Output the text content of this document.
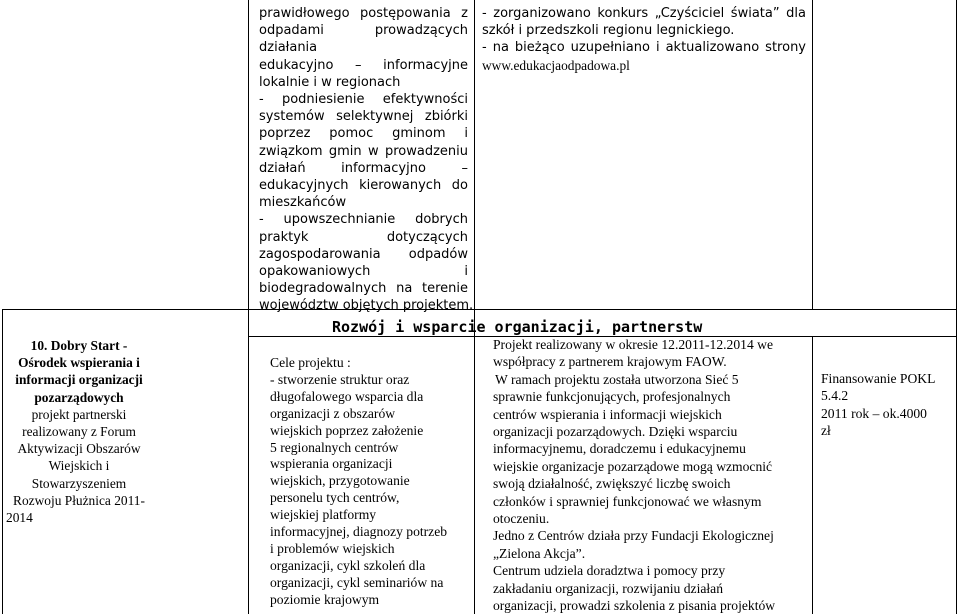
prawidłowego postępowania z
odpadami prowadzących działania
edukacyjno – informacyjne
lokalnie i w regionach
- podniesienie efektywności
systemów selektywnej zbiórki
poprzez pomoc gminom i
związkom gmin w prowadzeniu
działań informacyjno –
edukacyjnych kierowanych do
mieszkańców
- upowszechnianie dobrych
praktyk dotyczących
zagospodarowania odpadów
opakowaniowych i
biodegradowalnych na terenie
województw objętych projektem.
- zorganizowano konkurs „Czyściciel świata” dla
szkół i przedszkoli regionu legnickiego.
- na bieżąco uzupełniano i aktualizowano strony
www.edukacjaodpadowa.pl
Rozwój i wsparcie organizacji, partnerstw
10. Dobry Start -
Ośrodek wspierania i
informacji organizacji
pozarządowych
projekt partnerski
realizowany z Forum
Aktywizacji Obszarów
Wiejskich i
Stowarzyszeniem
Rozwoju Płużnica 2011-
2014
Cele projektu :
- stworzenie struktur oraz
długofalowego wsparcia dla
organizacji z obszarów
wiejskich poprzez założenie
5 regionalnych centrów
wspierania organizacji
wiejskich, przygotowanie
personelu tych centrów,
wiejskiej platformy
informacyjnej, diagnozy potrzeb
i problemów wiejskich
organizacji, cykl szkoleń dla
organizacji, cykl seminariów na
poziomie krajowym
Projekt realizowany w okresie 12.2011-12.2014 we
współpracy z partnerem krajowym FAOW.
W ramach projektu została utworzona Sieć 5
sprawnie funkcjonujących, profesjonalnych
centrów wspierania i informacji wiejskich
organizacji pozarządowych. Dzięki wsparciu
informacyjnemu, doradczemu i edukacyjnemu
wiejskie organizacje pozarządowe mogą wzmocnić
swoją działalność, zwiększyć liczbę swoich
członków i sprawniej funkcjonować we własnym
otoczeniu.
Jedno z Centrów działa przy Fundacji Ekologicznej
„Zielona Akcja”.
Centrum udziela doradztwa i pomocy przy
zakładaniu organizacji, rozwijaniu działań
organizacji, prowadzi szkolenia z pisania projektów
Finansowanie POKL
5.4.2
2011 rok – ok.4000
zł
